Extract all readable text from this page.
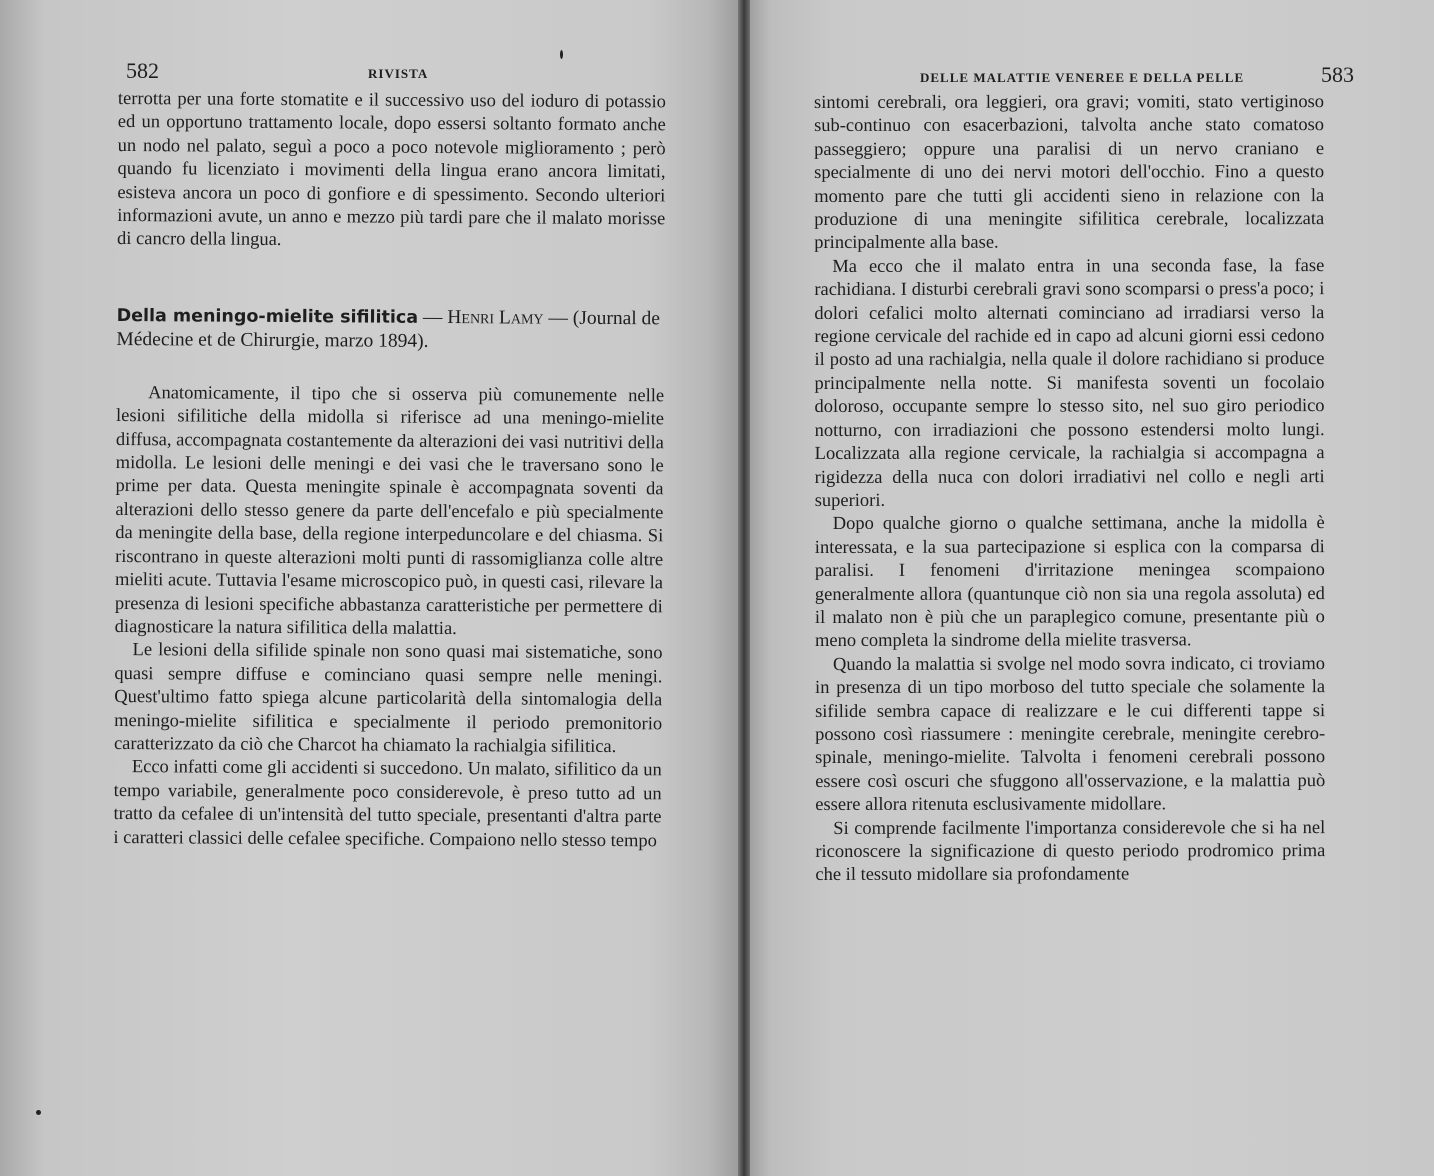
582	RIVISTA

terrotta per una forte stomatite e il successivo uso del ioduro di potassio ed un opportuno trattamento locale, dopo essersi soltanto formato anche un nodo nel palato, seguì a poco a poco notevole miglioramento ; però quando fu licenziato i movimenti della lingua erano ancora limitati, esisteva ancora un poco di gonfiore e di spessimento. Secondo ulteriori informazioni avute, un anno e mezzo più tardi pare che il malato morisse di cancro della lingua.

Della meningo-mielite sifilitica — Henri Lamy — (Journal de Médecine et de Chirurgie, marzo 1894).

Anatomicamente, il tipo che si osserva più comunemente nelle lesioni sifilitiche della midolla si riferisce ad una meningo-mielite diffusa, accompagnata costantemente da alterazioni dei vasi nutritivi della midolla. Le lesioni delle meningi e dei vasi che le traversano sono le prime per data. Questa meningite spinale è accompagnata soventi da alterazioni dello stesso genere da parte dell'encefalo e più specialmente da meningite della base, della regione interpeduncolare e del chiasma. Si riscontrano in queste alterazioni molti punti di rassomiglianza colle altre mieliti acute. Tuttavia l'esame microscopico può, in questi casi, rilevare la presenza di lesioni specifiche abbastanza caratteristiche per permettere di diagnosticare la natura sifilitica della malattia.

Le lesioni della sifilide spinale non sono quasi mai sistematiche, sono quasi sempre diffuse e cominciano quasi sempre nelle meningi. Quest'ultimo fatto spiega alcune particolarità della sintomalogia della meningo-mielite sifilitica e specialmente il periodo premonitorio caratterizzato da ciò che Charcot ha chiamato la rachialgia sifilitica.

Ecco infatti come gli accidenti si succedono. Un malato, sifilitico da un tempo variabile, generalmente poco considerevole, è preso tutto ad un tratto da cefalee di un'intensità del tutto speciale, presentanti d'altra parte i caratteri classici delle cefalee specifiche. Compaiono nello stesso tempo

DELLE MALATTIE VENEREE E DELLA PELLE	583

sintomi cerebrali, ora leggieri, ora gravi; vomiti, stato vertiginoso sub-continuo con esacerbazioni, talvolta anche stato comatoso passeggiero; oppure una paralisi di un nervo craniano e specialmente di uno dei nervi motori dell'occhio. Fino a questo momento pare che tutti gli accidenti sieno in relazione con la produzione di una meningite sifilitica cerebrale, localizzata principalmente alla base.

Ma ecco che il malato entra in una seconda fase, la fase rachidiana. I disturbi cerebrali gravi sono scomparsi o press'a poco; i dolori cefalici molto alternati cominciano ad irradiarsi verso la regione cervicale del rachide ed in capo ad alcuni giorni essi cedono il posto ad una rachialgia, nella quale il dolore rachidiano si produce principalmente nella notte. Si manifesta soventi un focolaio doloroso, occupante sempre lo stesso sito, nel suo giro periodico notturno, con irradiazioni che possono estendersi molto lungi. Localizzata alla regione cervicale, la rachialgia si accompagna a rigidezza della nuca con dolori irradiativi nel collo e negli arti superiori.

Dopo qualche giorno o qualche settimana, anche la midolla è interessata, e la sua partecipazione si esplica con la comparsa di paralisi. I fenomeni d'irritazione meningea scompaiono generalmente allora (quantunque ciò non sia una regola assoluta) ed il malato non è più che un paraplegico comune, presentante più o meno completa la sindrome della mielite trasversa.

Quando la malattia si svolge nel modo sovra indicato, ci troviamo in presenza di un tipo morboso del tutto speciale che solamente la sifilide sembra capace di realizzare e le cui differenti tappe si possono così riassumere : meningite cerebrale, meningite cerebro-spinale, meningo-mielite. Talvolta i fenomeni cerebrali possono essere così oscuri che sfuggono all'osservazione, e la malattia può essere allora ritenuta esclusivamente midollare.

Si comprende facilmente l'importanza considerevole che si ha nel riconoscere la significazione di questo periodo prodromico prima che il tessuto midollare sia profondamente
